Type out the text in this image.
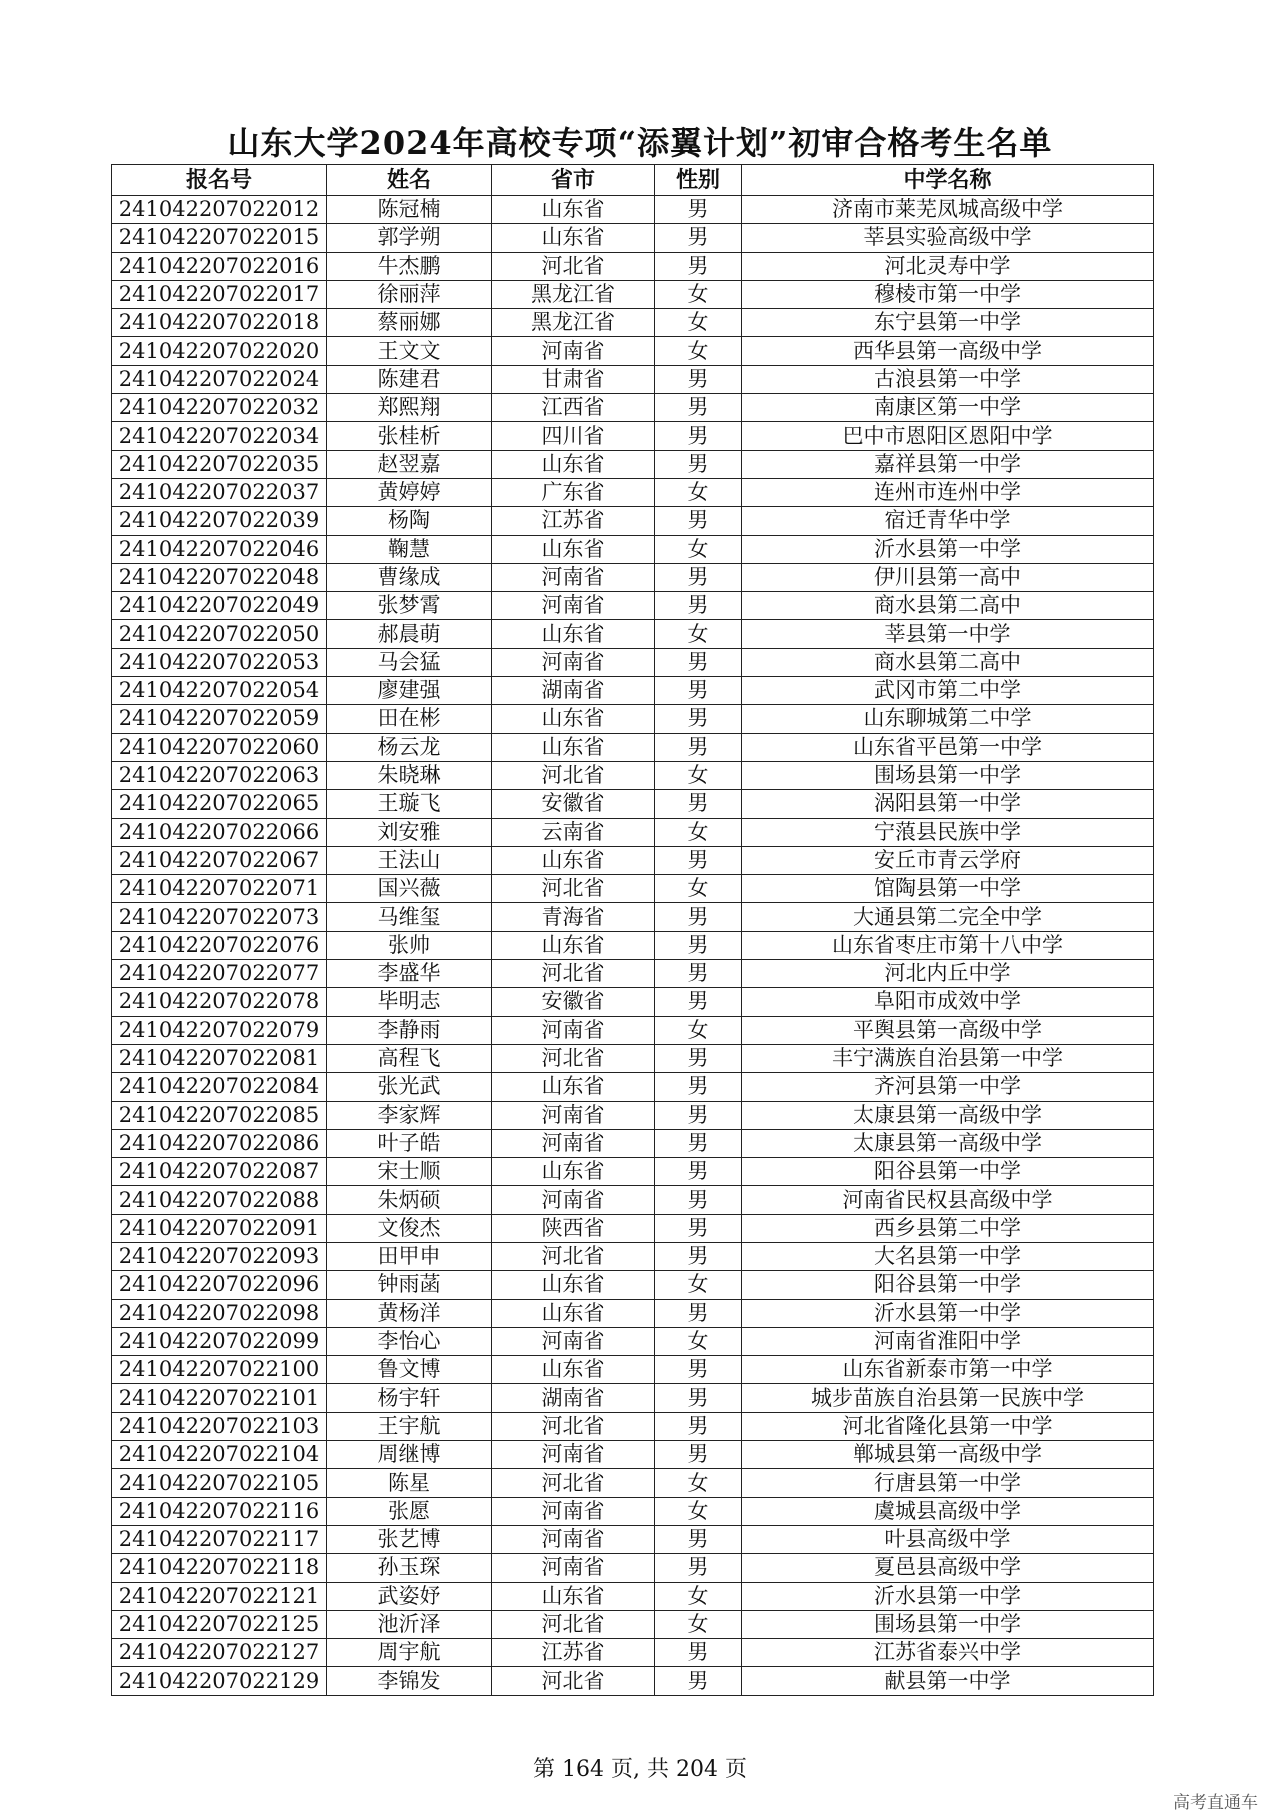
山东大学2024年高校专项“添翼计划”初审合格考生名单
报名号	姓名	省市	性别	中学名称
241042207022012	陈冠楠	山东省	男	济南市莱芜凤城高级中学
241042207022015	郭学朔	山东省	男	莘县实验高级中学
241042207022016	牛杰鹏	河北省	男	河北灵寿中学
241042207022017	徐丽萍	黑龙江省	女	穆棱市第一中学
241042207022018	蔡丽娜	黑龙江省	女	东宁县第一中学
241042207022020	王文文	河南省	女	西华县第一高级中学
241042207022024	陈建君	甘肃省	男	古浪县第一中学
241042207022032	郑熙翔	江西省	男	南康区第一中学
241042207022034	张桂析	四川省	男	巴中市恩阳区恩阳中学
241042207022035	赵翌嘉	山东省	男	嘉祥县第一中学
241042207022037	黄婷婷	广东省	女	连州市连州中学
241042207022039	杨陶	江苏省	男	宿迁青华中学
241042207022046	鞠慧	山东省	女	沂水县第一中学
241042207022048	曹缘成	河南省	男	伊川县第一高中
241042207022049	张梦霄	河南省	男	商水县第二高中
241042207022050	郝晨萌	山东省	女	莘县第一中学
241042207022053	马会猛	河南省	男	商水县第二高中
241042207022054	廖建强	湖南省	男	武冈市第二中学
241042207022059	田在彬	山东省	男	山东聊城第二中学
241042207022060	杨云龙	山东省	男	山东省平邑第一中学
241042207022063	朱晓琳	河北省	女	围场县第一中学
241042207022065	王璇飞	安徽省	男	涡阳县第一中学
241042207022066	刘安雅	云南省	女	宁蒗县民族中学
241042207022067	王法山	山东省	男	安丘市青云学府
241042207022071	国兴薇	河北省	女	馆陶县第一中学
241042207022073	马维玺	青海省	男	大通县第二完全中学
241042207022076	张帅	山东省	男	山东省枣庄市第十八中学
241042207022077	李盛华	河北省	男	河北内丘中学
241042207022078	毕明志	安徽省	男	阜阳市成效中学
241042207022079	李静雨	河南省	女	平舆县第一高级中学
241042207022081	高程飞	河北省	男	丰宁满族自治县第一中学
241042207022084	张光武	山东省	男	齐河县第一中学
241042207022085	李家辉	河南省	男	太康县第一高级中学
241042207022086	叶子皓	河南省	男	太康县第一高级中学
241042207022087	宋士顺	山东省	男	阳谷县第一中学
241042207022088	朱炳硕	河南省	男	河南省民权县高级中学
241042207022091	文俊杰	陕西省	男	西乡县第二中学
241042207022093	田甲申	河北省	男	大名县第一中学
241042207022096	钟雨菡	山东省	女	阳谷县第一中学
241042207022098	黄杨洋	山东省	男	沂水县第一中学
241042207022099	李怡心	河南省	女	河南省淮阳中学
241042207022100	鲁文博	山东省	男	山东省新泰市第一中学
241042207022101	杨宇轩	湖南省	男	城步苗族自治县第一民族中学
241042207022103	王宇航	河北省	男	河北省隆化县第一中学
241042207022104	周继博	河南省	男	郸城县第一高级中学
241042207022105	陈星	河北省	女	行唐县第一中学
241042207022116	张愿	河南省	女	虞城县高级中学
241042207022117	张艺博	河南省	男	叶县高级中学
241042207022118	孙玉琛	河南省	男	夏邑县高级中学
241042207022121	武姿妤	山东省	女	沂水县第一中学
241042207022125	池沂泽	河北省	女	围场县第一中学
241042207022127	周宇航	江苏省	男	江苏省泰兴中学
241042207022129	李锦发	河北省	男	献县第一中学
第 164 页, 共 204 页
高考直通车
